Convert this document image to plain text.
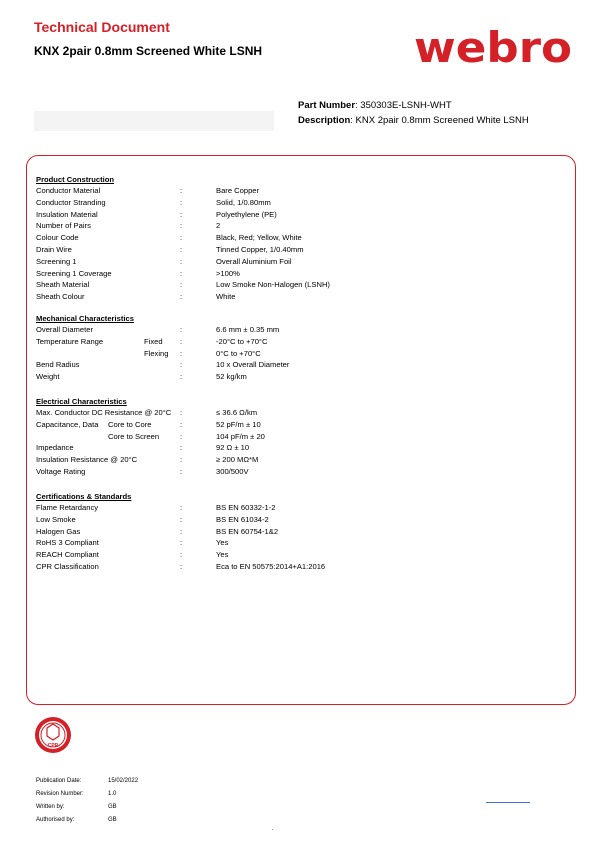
Technical Document
KNX 2pair 0.8mm Screened White LSNH	webro
Part Number: 350303E-LSNH-WHT
Description: KNX 2pair 0.8mm Screened White LSNH
Product Construction
Conductor Material	:	Bare Copper
Conductor Stranding	:	Solid, 1/0.80mm
Insulation Material	:	Polyethylene (PE)
Number of Pairs	:	2
Colour Code	:	Black, Red; Yellow, White
Drain Wire	:	Tinned Copper, 1/0.40mm
Screening 1	:	Overall Aluminium Foil
Screening 1 Coverage	:	>100%
Sheath Material	:	Low Smoke Non-Halogen (LSNH)
Sheath Colour	:	White
Mechanical Characteristics
Overall Diameter	:	6.6 mm ± 0.35 mm
Temperature Range	Fixed :	-20°C to +70°C
Flexing :	0°C to +70°C
Bend Radius	:	10 x Overall Diameter
Weight	:	52 kg/km
Electrical Characteristics
Max. Conductor DC Resistance @ 20°C :	≤ 36.6 Ω/km
Capacitance, Data Core to Core	:	52 pF/m ± 10
Core to Screen	:	104 pF/m ± 20
Impedance	:	92 Ω ± 10
Insulation Resistance @ 20°C	:	≥ 200 MΩ*M
Voltage Rating	:	300/500V
Certifications & Standards
Flame Retardancy	:	BS EN 60332-1-2
Low Smoke	:	BS EN 61034-2
Halogen Gas	:	BS EN 60754-1&2
RoHS 3 Compliant	:	Yes
REACH Compliant	:	Yes
CPR Classification	:	Eca to EN 50575:2014+A1:2016
CPR
Publication Date:	15/02/2022
Revision Number:	1.0
Written by:	GB
Authorised by:	GB
